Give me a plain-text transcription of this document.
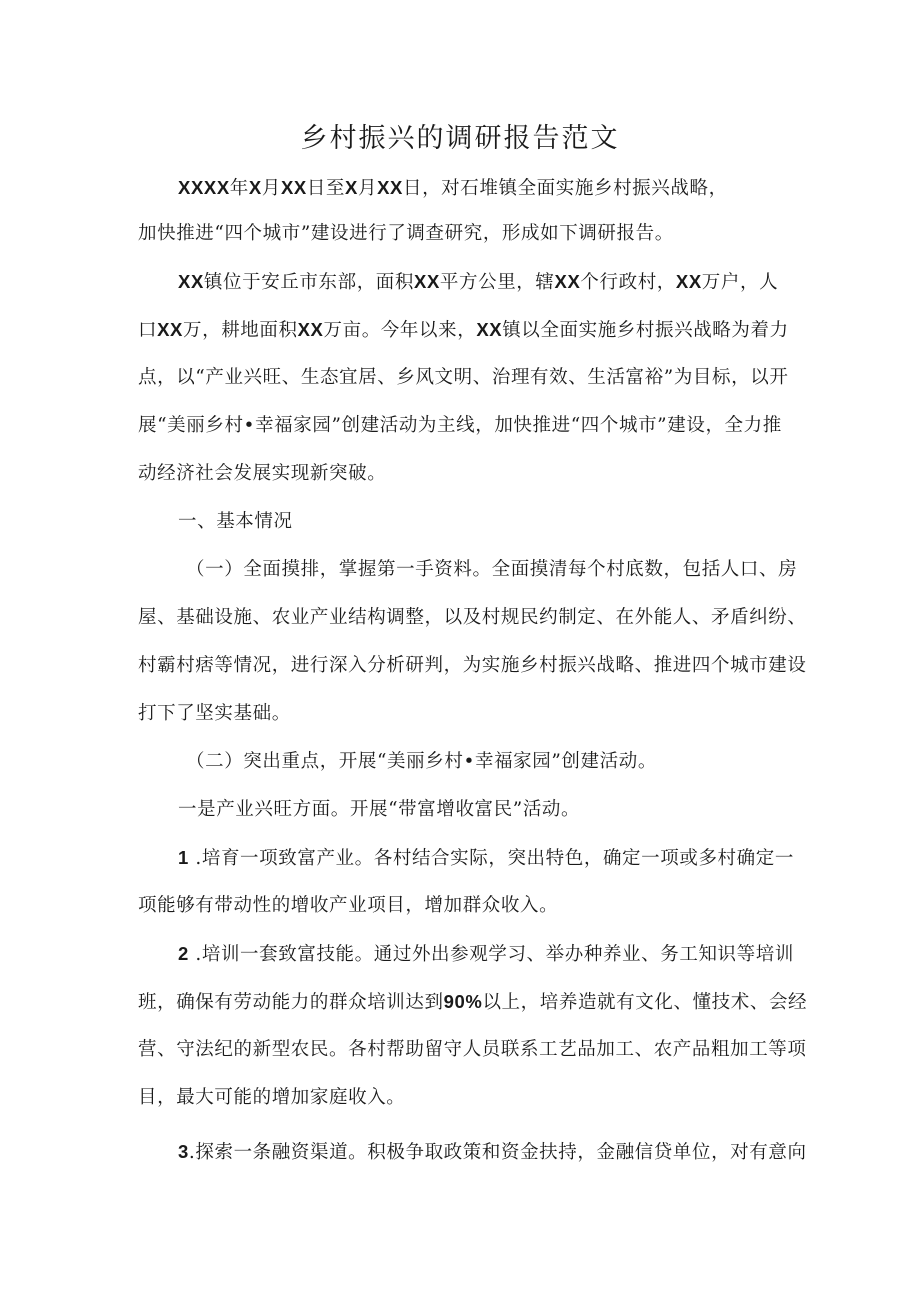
乡村振兴的调研报告范文
XXXX年X月XX日至X月XX日，对石堆镇全面实施乡村振兴战略，
加快推进“四个城市”建设进行了调查研究，形成如下调研报告。
XX镇位于安丘市东部，面积XX平方公里，辖XX个行政村，XX万户，人
口XX万，耕地面积XX万亩。今年以来，XX镇以全面实施乡村振兴战略为着力
点，以“产业兴旺、生态宜居、乡风文明、治理有效、生活富裕”为目标，以开
展“美丽乡村•幸福家园”创建活动为主线，加快推进“四个城市”建设，全力推
动经济社会发展实现新突破。
一、基本情况
（一）全面摸排，掌握第一手资料。全面摸清每个村底数，包括人口、房
屋、基础设施、农业产业结构调整，以及村规民约制定、在外能人、矛盾纠纷、
村霸村痞等情况，进行深入分析研判，为实施乡村振兴战略、推进四个城市建设
打下了坚实基础。
（二）突出重点，开展“美丽乡村•幸福家园”创建活动。
一是产业兴旺方面。开展“带富增收富民”活动。
1 .培育一项致富产业。各村结合实际，突出特色，确定一项或多村确定一
项能够有带动性的增收产业项目，增加群众收入。
2 .培训一套致富技能。通过外出参观学习、举办种养业、务工知识等培训
班，确保有劳动能力的群众培训达到90%以上，培养造就有文化、懂技术、会经
营、守法纪的新型农民。各村帮助留守人员联系工艺品加工、农产品粗加工等项
目，最大可能的增加家庭收入。
3.探索一条融资渠道。积极争取政策和资金扶持，金融信贷单位，对有意向
